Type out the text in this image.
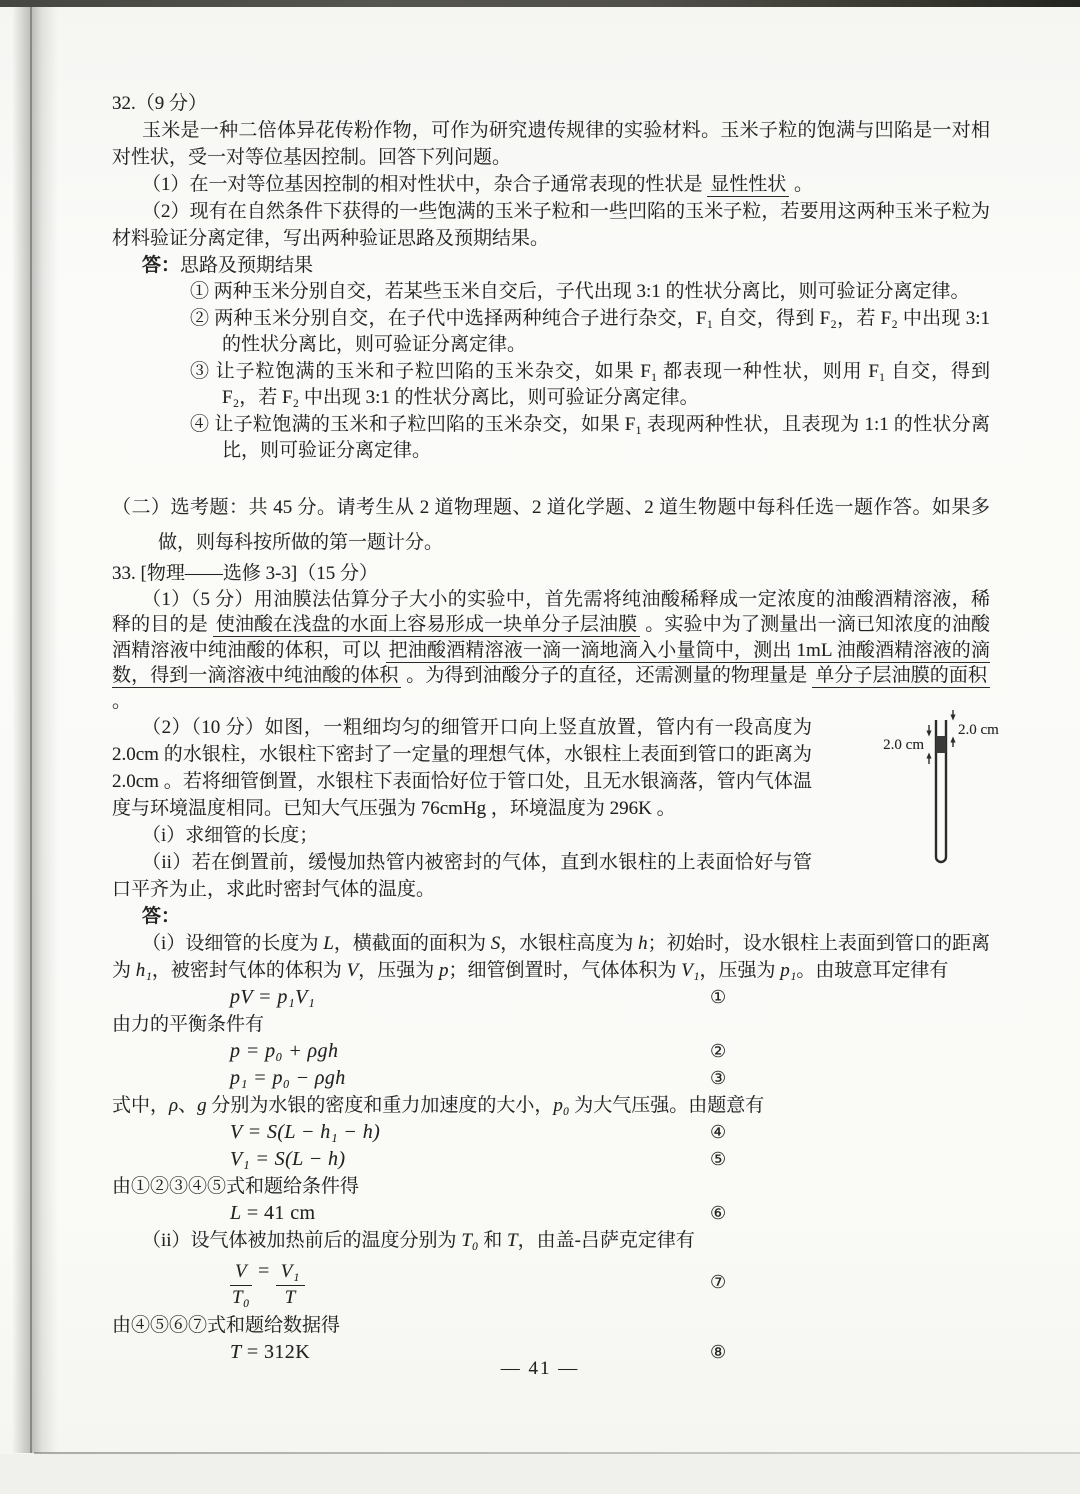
32.（9 分）

玉米是一种二倍体异花传粉作物，可作为研究遗传规律的实验材料。玉米子粒的饱满与凹陷是一对相对性状，受一对等位基因控制。回答下列问题。

（1）在一对等位基因控制的相对性状中，杂合子通常表现的性状是 显性性状 。

（2）现有在自然条件下获得的一些饱满的玉米子粒和一些凹陷的玉米子粒，若要用这两种玉米子粒为材料验证分离定律，写出两种验证思路及预期结果。

答：思路及预期结果

① 两种玉米分别自交，若某些玉米自交后，子代出现 3:1 的性状分离比，则可验证分离定律。

② 两种玉米分别自交，在子代中选择两种纯合子进行杂交，F₁ 自交，得到 F₂，若 F₂ 中出现 3:1 的性状分离比，则可验证分离定律。

③ 让子粒饱满的玉米和子粒凹陷的玉米杂交，如果 F₁ 都表现一种性状，则用 F₁ 自交，得到 F₂，若 F₂ 中出现 3:1 的性状分离比，则可验证分离定律。

④ 让子粒饱满的玉米和子粒凹陷的玉米杂交，如果 F₁ 表现两种性状，且表现为 1:1 的性状分离比，则可验证分离定律。

（二）选考题：共 45 分。请考生从 2 道物理题、2 道化学题、2 道生物题中每科任选一题作答。如果多做，则每科按所做的第一题计分。

33. [物理——选修 3-3]（15 分）

（1）（5 分）用油膜法估算分子大小的实验中，首先需将纯油酸稀释成一定浓度的油酸酒精溶液，稀释的目的是 使油酸在浅盘的水面上容易形成一块单分子层油膜 。实验中为了测量出一滴已知浓度的油酸酒精溶液中纯油酸的体积，可以 把油酸酒精溶液一滴一滴地滴入小量筒中，测出 1mL 油酸酒精溶液的滴数，得到一滴溶液中纯油酸的体积 。为得到油酸分子的直径，还需测量的物理量是 单分子层油膜的面积 。

2.0 cm
2.0 cm
（2）（10 分）如图，一粗细均匀的细管开口向上竖直放置，管内有一段高度为 2.0cm 的水银柱，水银柱下密封了一定量的理想气体，水银柱上表面到管口的距离为 2.0cm 。若将细管倒置，水银柱下表面恰好位于管口处，且无水银滴落，管内气体温度与环境温度相同。已知大气压强为 76cmHg ，环境温度为 296K 。

（i）求细管的长度；

（ii）若在倒置前，缓慢加热管内被密封的气体，直到水银柱的上表面恰好与管口平齐为止，求此时密封气体的温度。

答：

（i）设细管的长度为 L，横截面的面积为 S，水银柱高度为 h；初始时，设水银柱上表面到管口的距离为 h₁，被密封气体的体积为 V，压强为 p；细管倒置时，气体体积为 V₁，压强为 p₁。由玻意耳定律有

pV = p₁V₁	①

由力的平衡条件有

p = p₀ + ρgh	②
p₁ = p₀ − ρgh	③

式中，ρ、g 分别为水银的密度和重力加速度的大小，p₀ 为大气压强。由题意有

V = S(L − h₁ − h)	④
V₁ = S(L − h)	⑤

由①②③④⑤式和题给条件得

L = 41 cm	⑥

（ii）设气体被加热前后的温度分别为 T₀ 和 T，由盖-吕萨克定律有

$\frac{V}{\text{T₀}} = \frac{\text{V₁}}{T}$	⑦

由④⑤⑥⑦式和题给数据得

T = 312K	⑧
— 41 —
